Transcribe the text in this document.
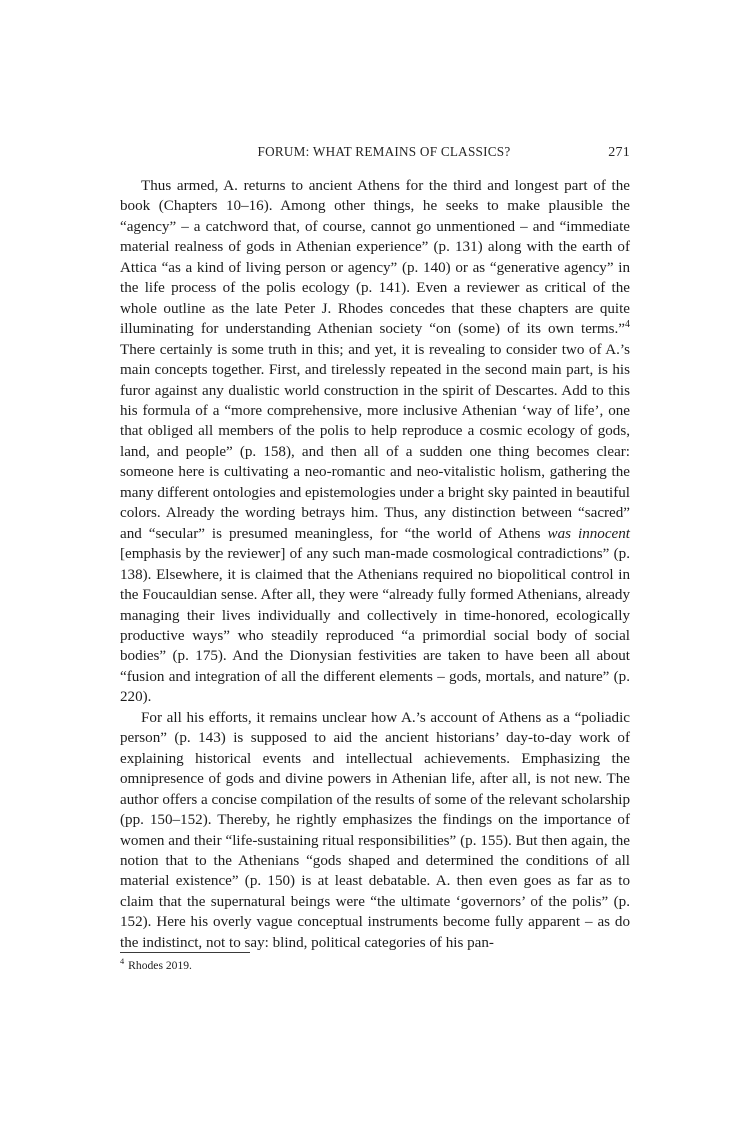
FORUM: WHAT REMAINS OF CLASSICS?	271

Thus armed, A. returns to ancient Athens for the third and longest part of the book (Chapters 10–16). Among other things, he seeks to make plausible the “agency” – a catchword that, of course, cannot go unmentioned – and “immediate material realness of gods in Athenian experience” (p. 131) along with the earth of Attica “as a kind of living person or agency” (p. 140) or as “generative agency” in the life process of the polis ecology (p. 141). Even a reviewer as critical of the whole outline as the late Peter J. Rhodes concedes that these chapters are quite illuminating for understanding Athenian society “on (some) of its own terms.”$^4$ There certainly is some truth in this; and yet, it is revealing to consider two of A.’s main concepts together. First, and tirelessly repeated in the second main part, is his furor against any dualistic world construction in the spirit of Descartes. Add to this his formula of a “more comprehensive, more inclusive Athenian ‘way of life’, one that obliged all members of the polis to help reproduce a cosmic ecology of gods, land, and people” (p. 158), and then all of a sudden one thing becomes clear: someone here is cultivating a neo-romantic and neo-vitalistic holism, gathering the many different ontologies and epistemologies under a bright sky painted in beautiful colors. Already the wording betrays him. Thus, any distinction between “sacred” and “secular” is presumed meaningless, for “the world of Athens was innocent [emphasis by the reviewer] of any such man-made cosmological contradictions” (p. 138). Elsewhere, it is claimed that the Athenians required no biopolitical control in the Foucauldian sense. After all, they were “already fully formed Athenians, already managing their lives individually and collectively in time-honored, ecologically productive ways” who steadily reproduced “a primordial social body of social bodies” (p. 175). And the Dionysian festivities are taken to have been all about “fusion and integration of all the different elements – gods, mortals, and nature” (p. 220).

For all his efforts, it remains unclear how A.’s account of Athens as a “poliadic person” (p. 143) is supposed to aid the ancient historians’ day-to-day work of explaining historical events and intellectual achievements. Emphasizing the omnipresence of gods and divine powers in Athenian life, after all, is not new. The author offers a concise compilation of the results of some of the relevant scholarship (pp. 150–152). Thereby, he rightly emphasizes the findings on the importance of women and their “life-sustaining ritual responsibilities” (p. 155). But then again, the notion that to the Athenians “gods shaped and determined the conditions of all material existence” (p. 150) is at least debatable. A. then even goes as far as to claim that the supernatural beings were “the ultimate ‘governors’ of the polis” (p. 152). Here his overly vague conceptual instruments become fully apparent – as do the indistinct, not to say: blind, political categories of his pan-

$^4$ Rhodes 2019.
